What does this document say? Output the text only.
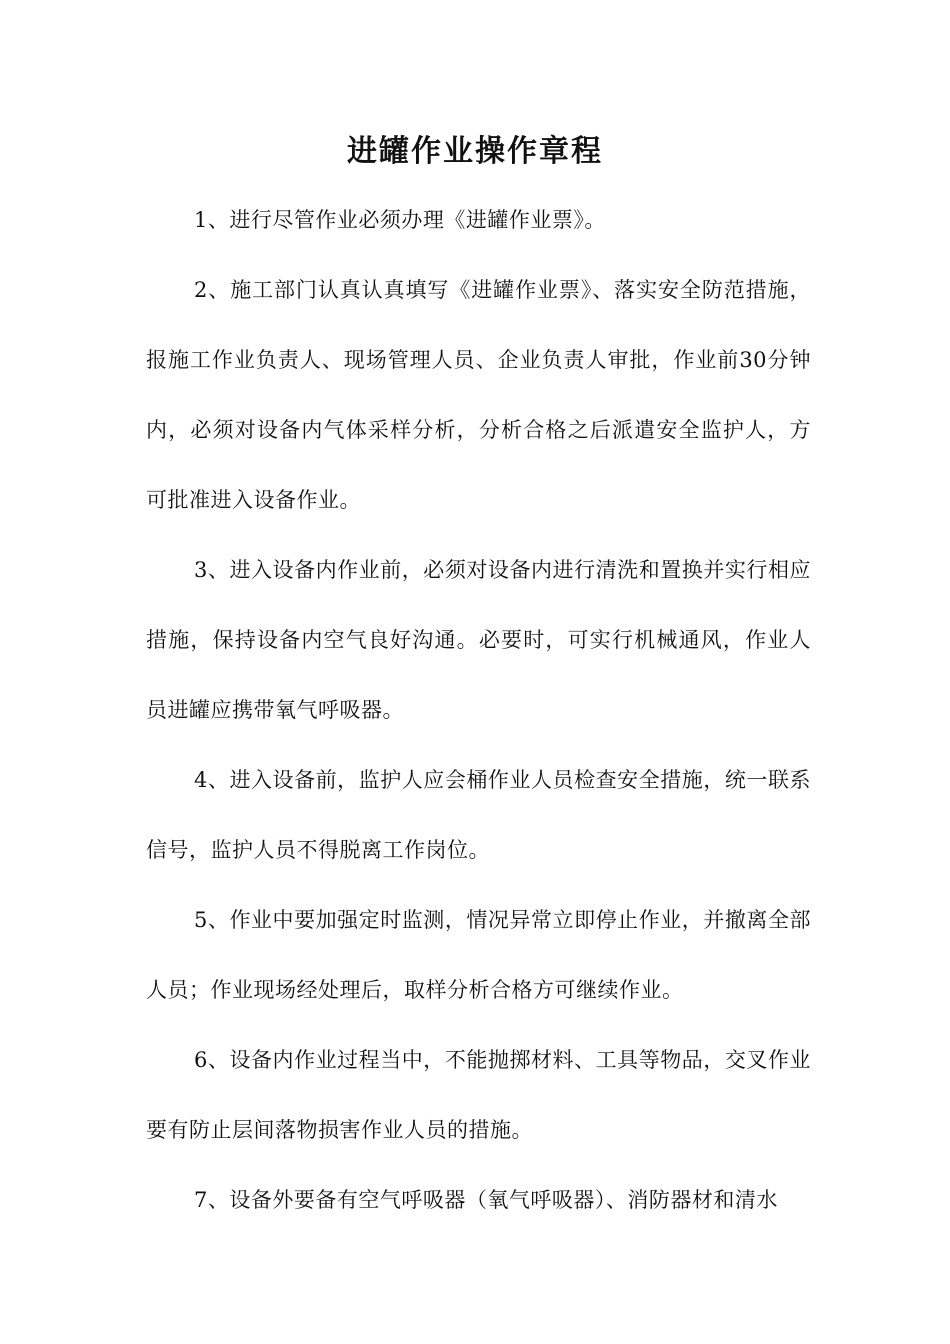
进罐作业操作章程

1、进行尽管作业必须办理《进罐作业票》。

2、施工部门认真认真填写《进罐作业票》、落实安全防范措施，报施工作业负责人、现场管理人员、企业负责人审批，作业前30分钟内，必须对设备内气体采样分析，分析合格之后派遣安全监护人，方可批准进入设备作业。

3、进入设备内作业前，必须对设备内进行清洗和置换并实行相应措施，保持设备内空气良好沟通。必要时，可实行机械通风，作业人员进罐应携带氧气呼吸器。

4、进入设备前，监护人应会桶作业人员检查安全措施，统一联系信号，监护人员不得脱离工作岗位。

5、作业中要加强定时监测，情况异常立即停止作业，并撤离全部人员；作业现场经处理后，取样分析合格方可继续作业。

6、设备内作业过程当中，不能抛掷材料、工具等物品，交叉作业要有防止层间落物损害作业人员的措施。

7、设备外要备有空气呼吸器（氧气呼吸器）、消防器材和清水
